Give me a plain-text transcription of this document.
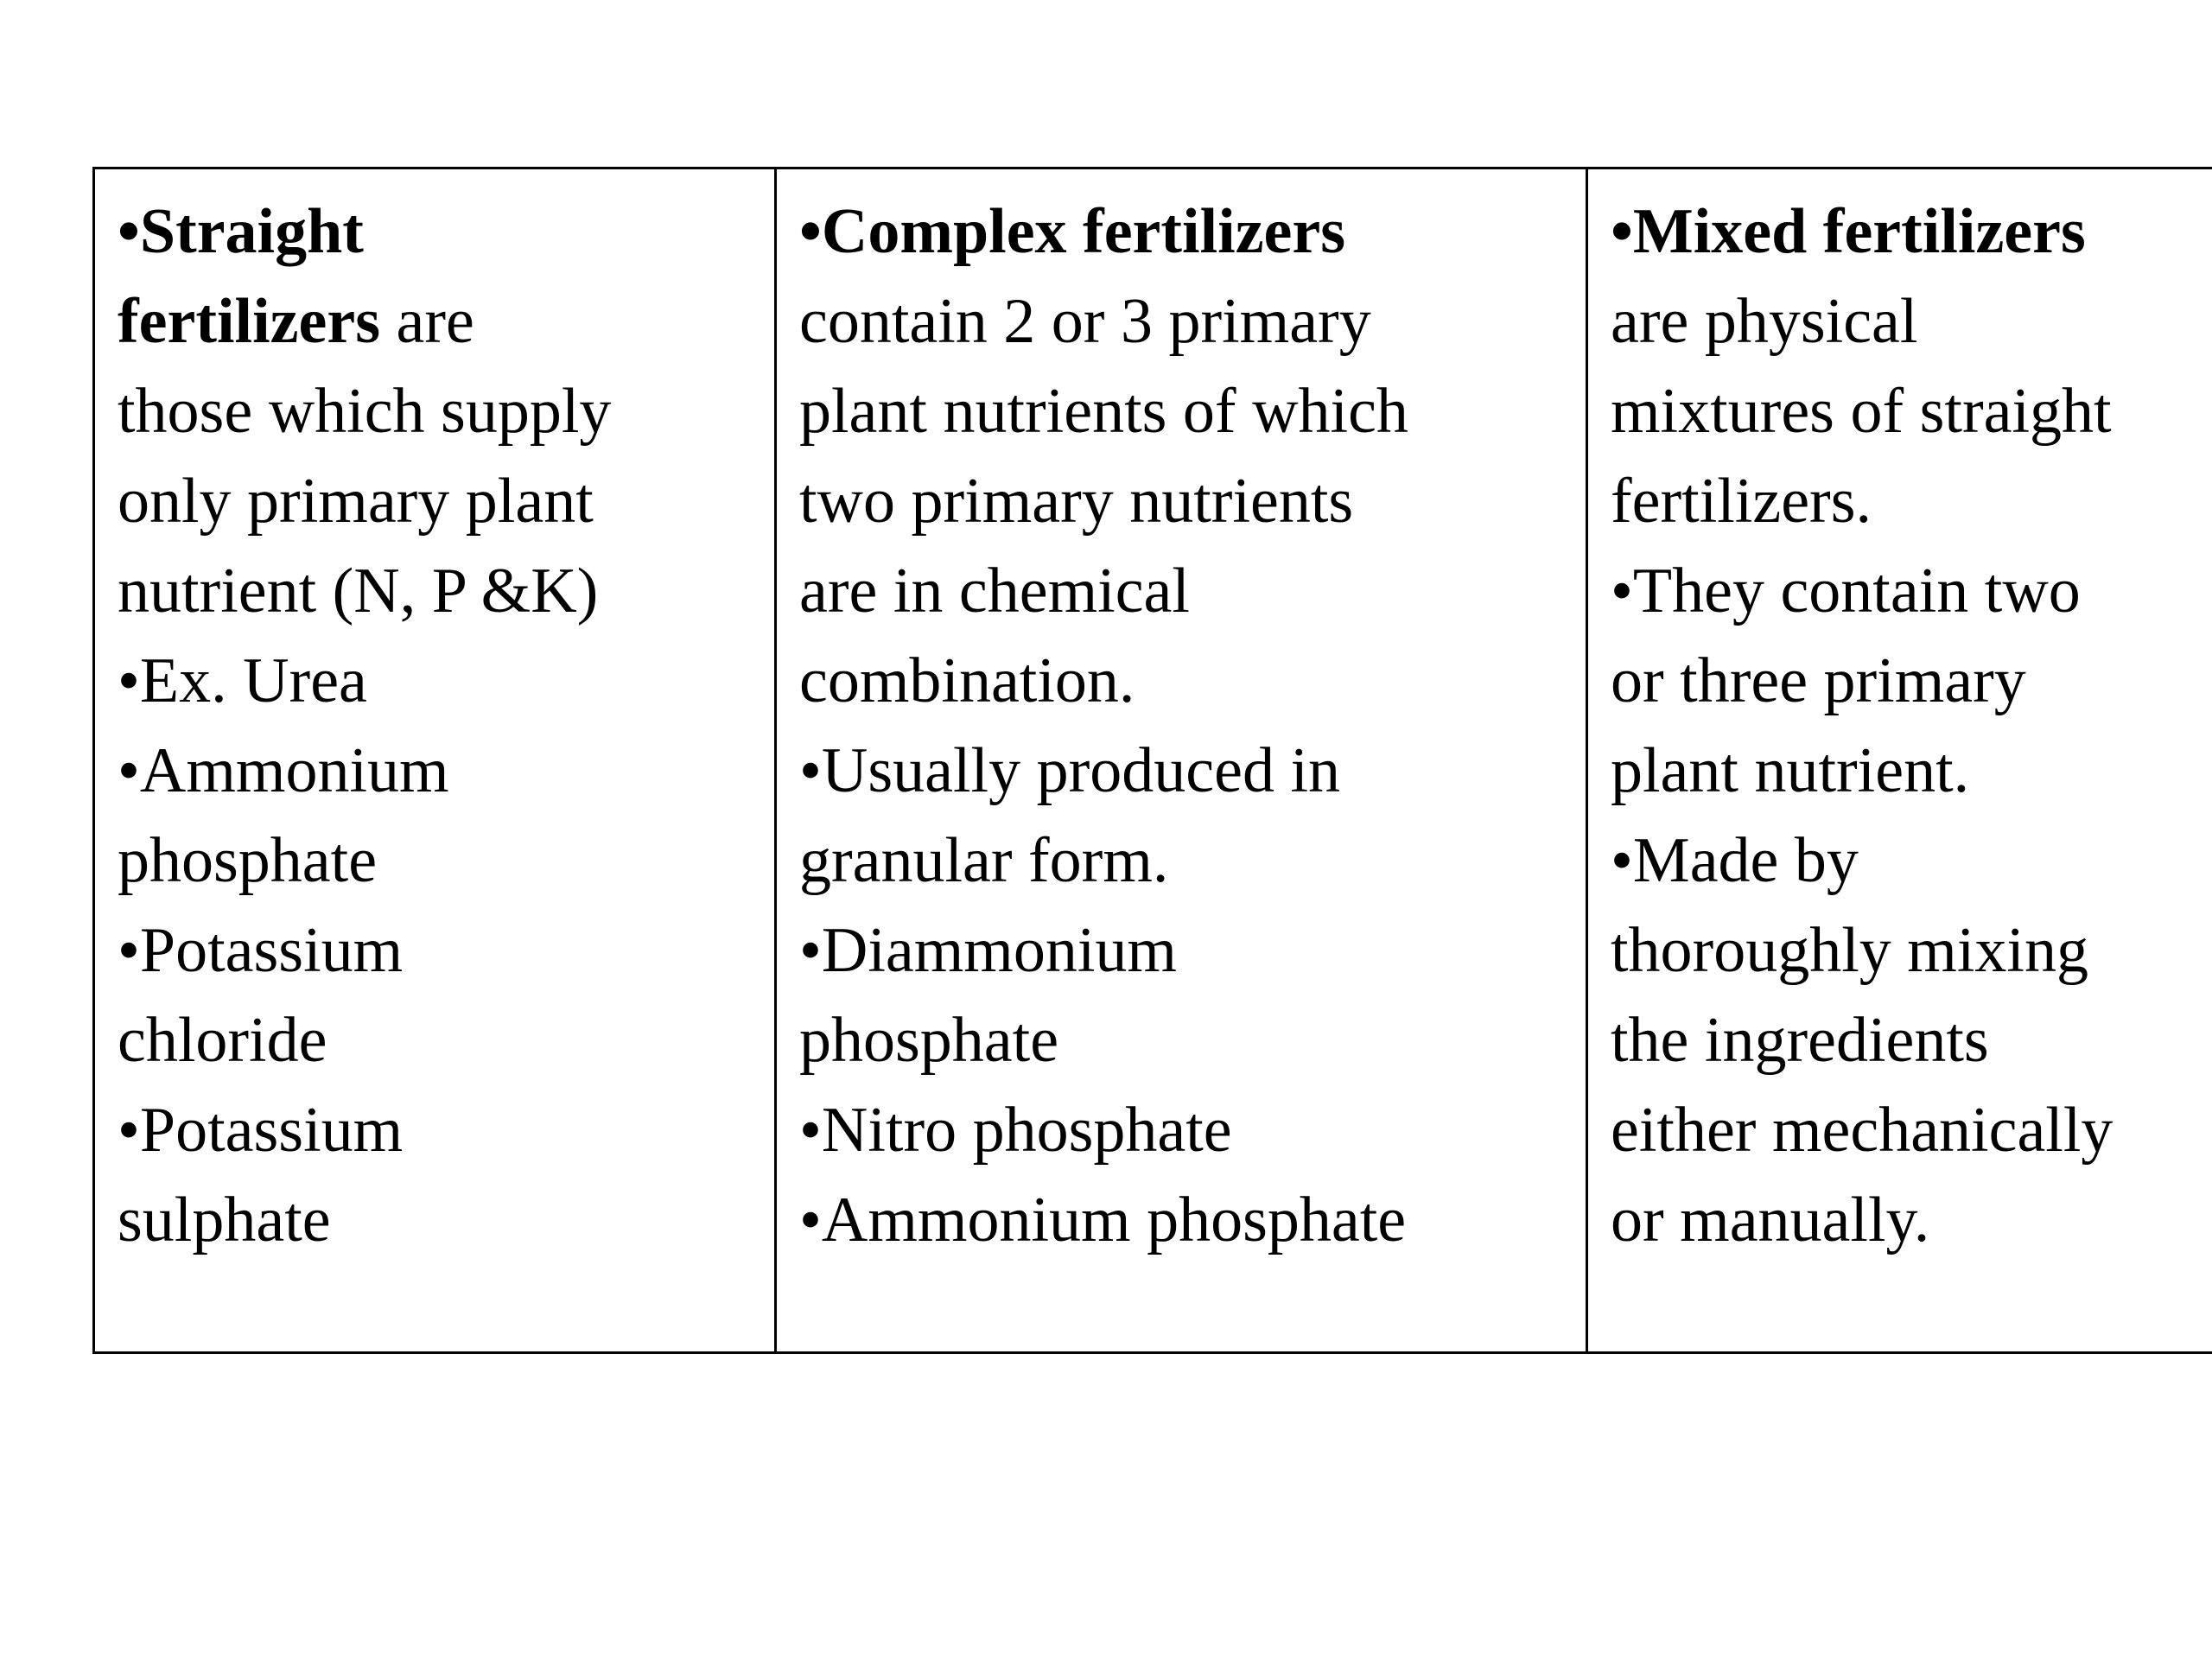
•Straight
fertilizers are
those which supply
only primary plant
nutrient (N, P &K)
•Ex. Urea
•Ammonium
phosphate
•Potassium
chloride
•Potassium
sulphate

•Complex fertilizers
contain 2 or 3 primary
plant nutrients of which
two primary nutrients
are in chemical
combination.
•Usually produced in
granular form.
•Diammonium
phosphate
•Nitro phosphate
•Ammonium phosphate

•Mixed fertilizers
are physical
mixtures of straight
fertilizers.
•They contain two
or three primary
plant nutrient.
•Made by
thoroughly mixing
the ingredients
either mechanically
or manually.
